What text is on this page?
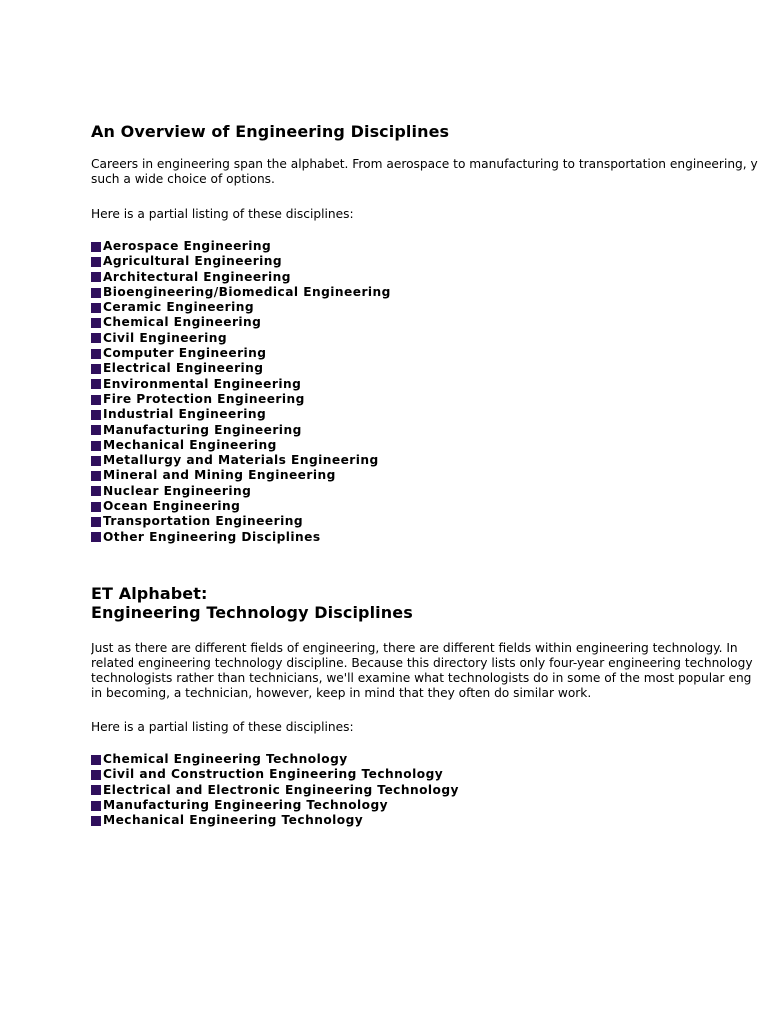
An Overview of Engineering Disciplines
Careers in engineering span the alphabet. From aerospace to manufacturing to transportation engineering, y
such a wide choice of options.
Here is a partial listing of these disciplines:
Aerospace Engineering
Agricultural Engineering
Architectural Engineering
Bioengineering/Biomedical Engineering
Ceramic Engineering
Chemical Engineering
Civil Engineering
Computer Engineering
Electrical Engineering
Environmental Engineering
Fire Protection Engineering
Industrial Engineering
Manufacturing Engineering
Mechanical Engineering
Metallurgy and Materials Engineering
Mineral and Mining Engineering
Nuclear Engineering
Ocean Engineering
Transportation Engineering
Other Engineering Disciplines
ET Alphabet:
Engineering Technology Disciplines
Just as there are different fields of engineering, there are different fields within engineering technology. In
related engineering technology discipline. Because this directory lists only four-year engineering technology
technologists rather than technicians, we'll examine what technologists do in some of the most popular eng
in becoming, a technician, however, keep in mind that they often do similar work.
Here is a partial listing of these disciplines:
Chemical Engineering Technology
Civil and Construction Engineering Technology
Electrical and Electronic Engineering Technology
Manufacturing Engineering Technology
Mechanical Engineering Technology
